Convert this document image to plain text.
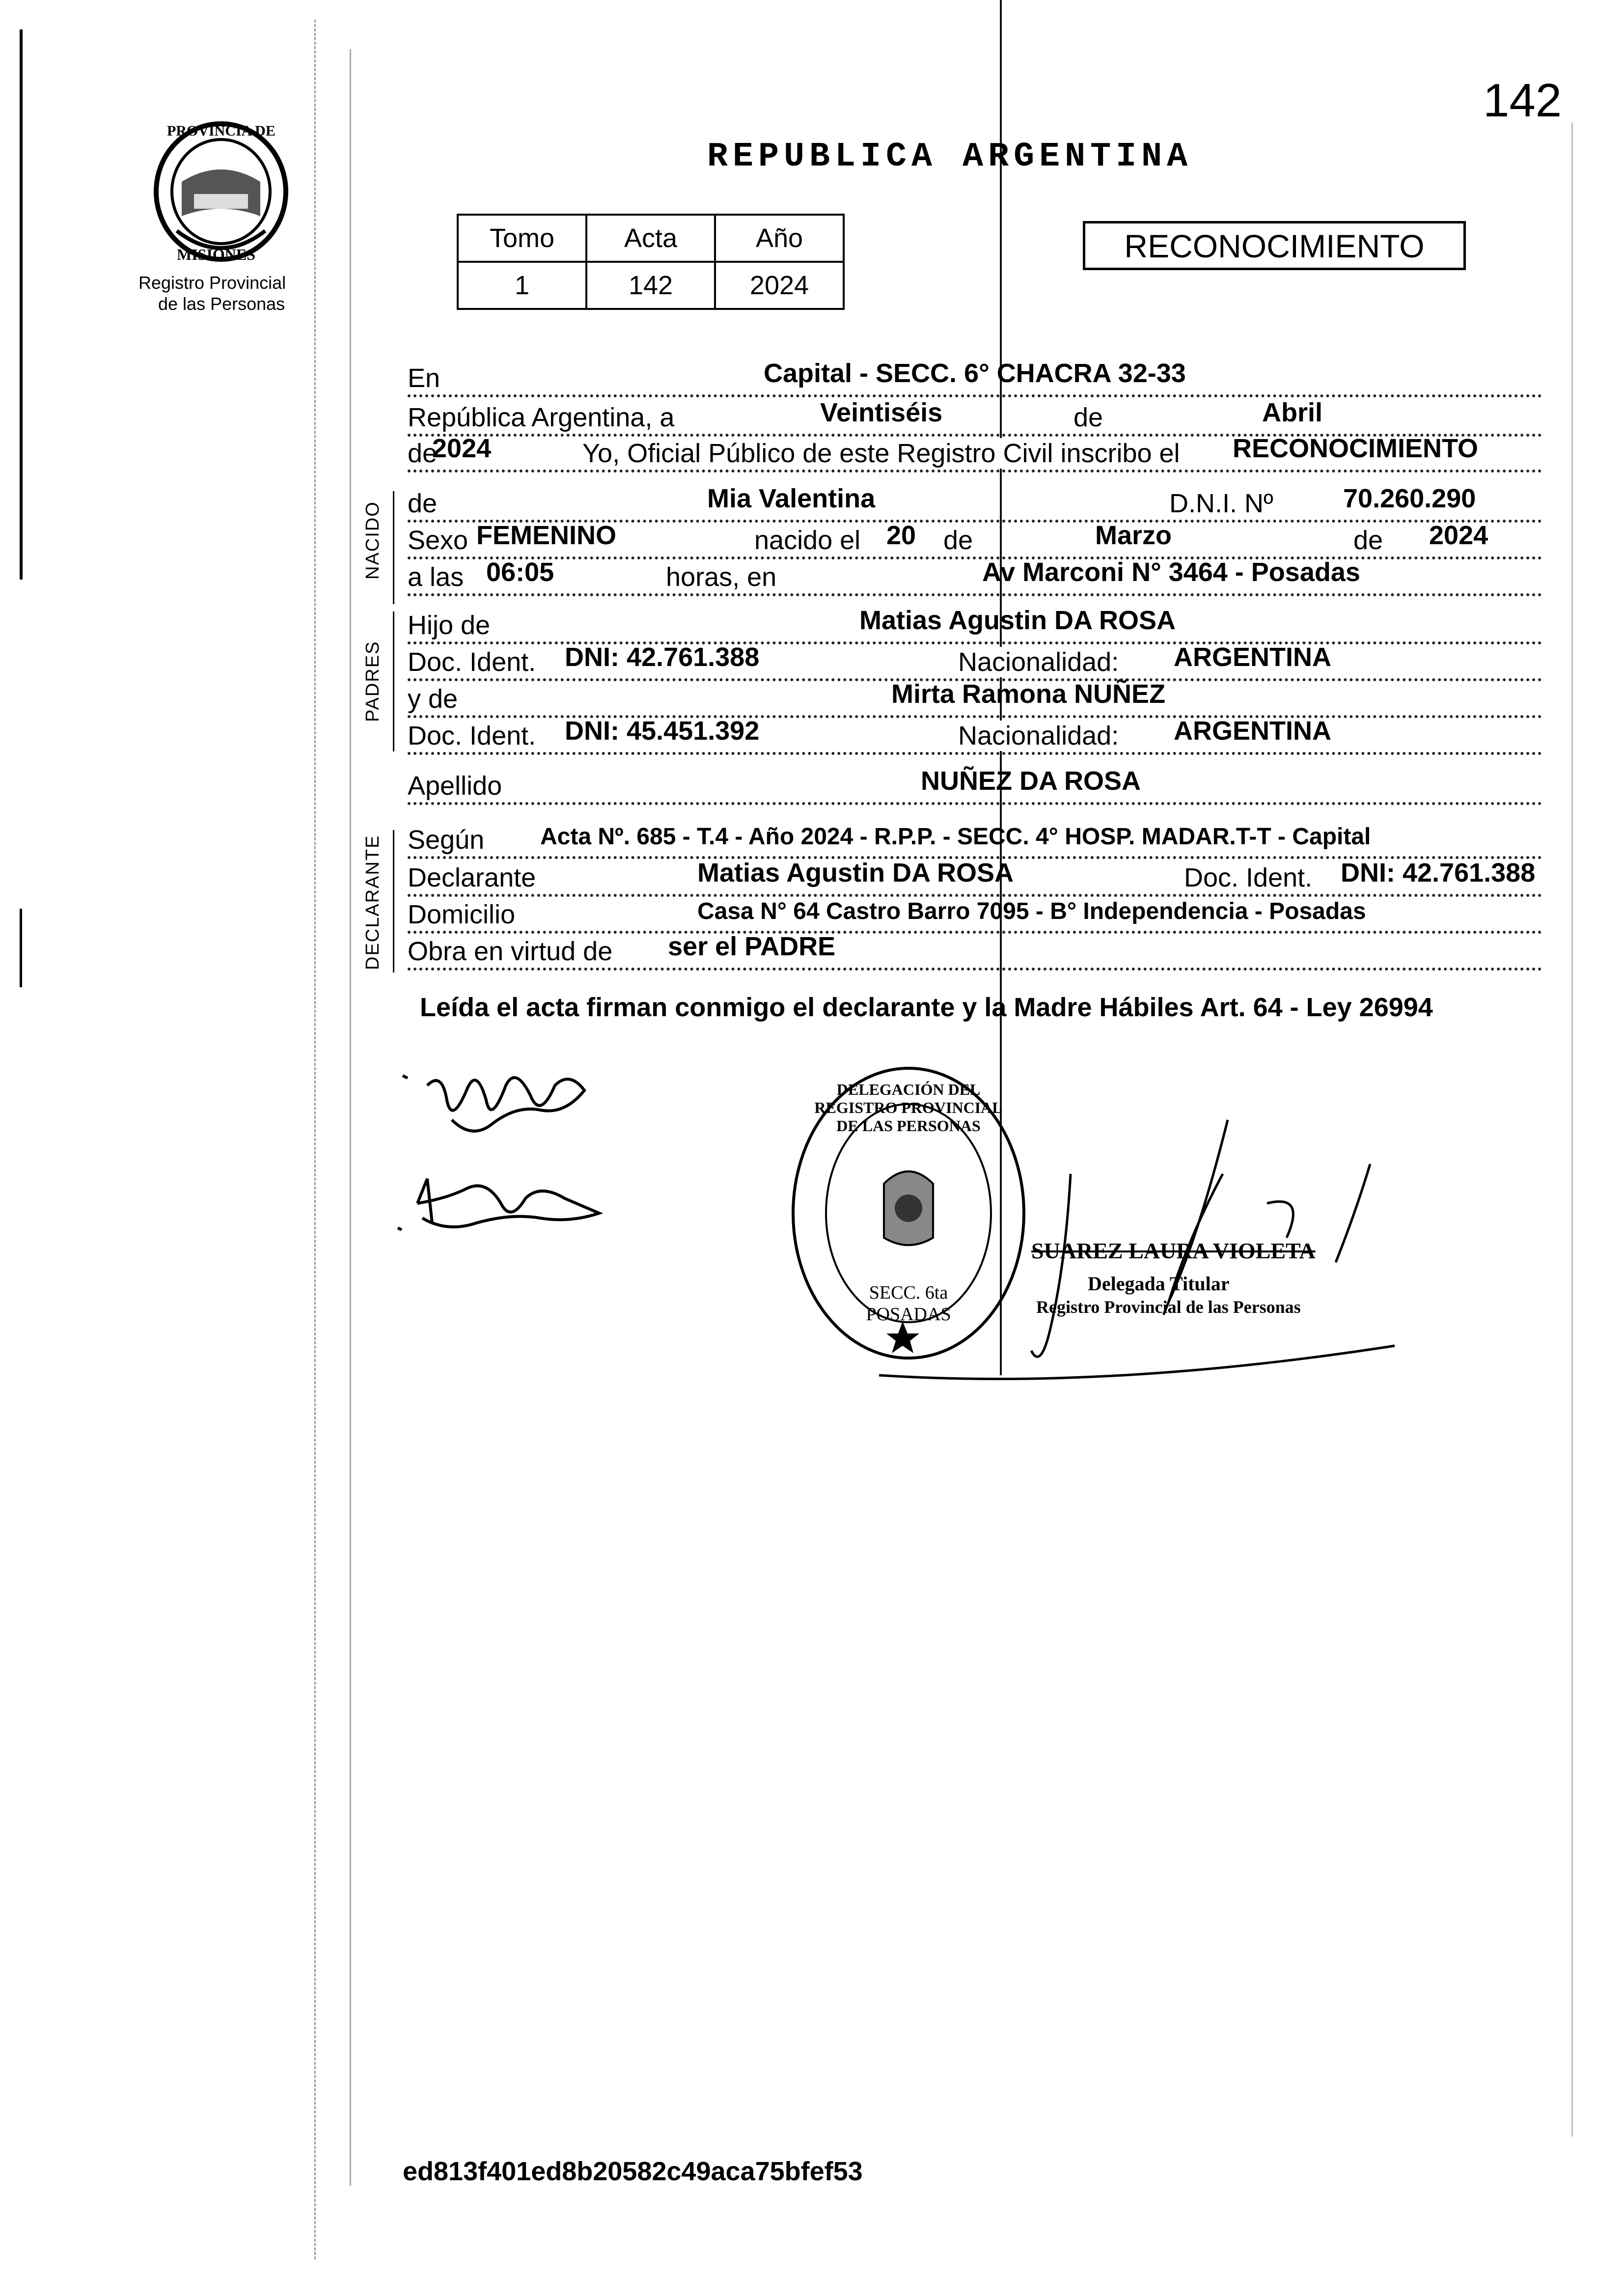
142
PROVINCIA DE
MISIONES
Registro Provincial
de las Personas
REPUBLICA ARGENTINA
Tomo	Acta	Año
1	142	2024
RECONOCIMIENTO
En	Capital - SECC. 6° CHACRA 32-33
República Argentina, a	Veintiséis	de	Abril
de
2024	Yo, Oficial Público de este Registro Civil inscribo el RECONOCIMIENTO
NACIDO de	Mia Valentina	D.N.I. Nº	70.260.290
Sexo FEMENINO	nacido el 20 de	Marzo	de 2024
a las 06:05	horas, en	Av Marconi N° 3464 - Posadas
PADRES
Hijo de	Matias Agustin DA ROSA
Doc. Ident. DNI: 42.761.388	Nacionalidad: ARGENTINA
y de	Mirta Ramona NUÑEZ
Doc. Ident. DNI: 45.451.392	Nacionalidad: ARGENTINA
Apellido	NUÑEZ DA ROSA
DECLARANTE Según Acta Nº. 685 - T.4 - Año 2024 - R.P.P. - SECC. 4° HOSP. MADAR.T-T - Capital
Declarante	Matias Agustin DA ROSA	Doc. Ident. DNI: 42.761.388
Domicilio	Casa N° 64 Castro Barro 7095 - B° Independencia - Posadas
Obra en virtud de ser el PADRE
Leída el acta firman conmigo el declarante y la Madre Hábiles Art. 64 - Ley 26994
DELEGACIÓN DEL REGISTRO PROVINCIAL DE LAS PERSONAS
SECC. 6ta POSADAS
SUAREZ LAURA VIOLETA
Delegada Titular
Registro Provincial de las Personas
ed813f401ed8b20582c49aca75bfef53
